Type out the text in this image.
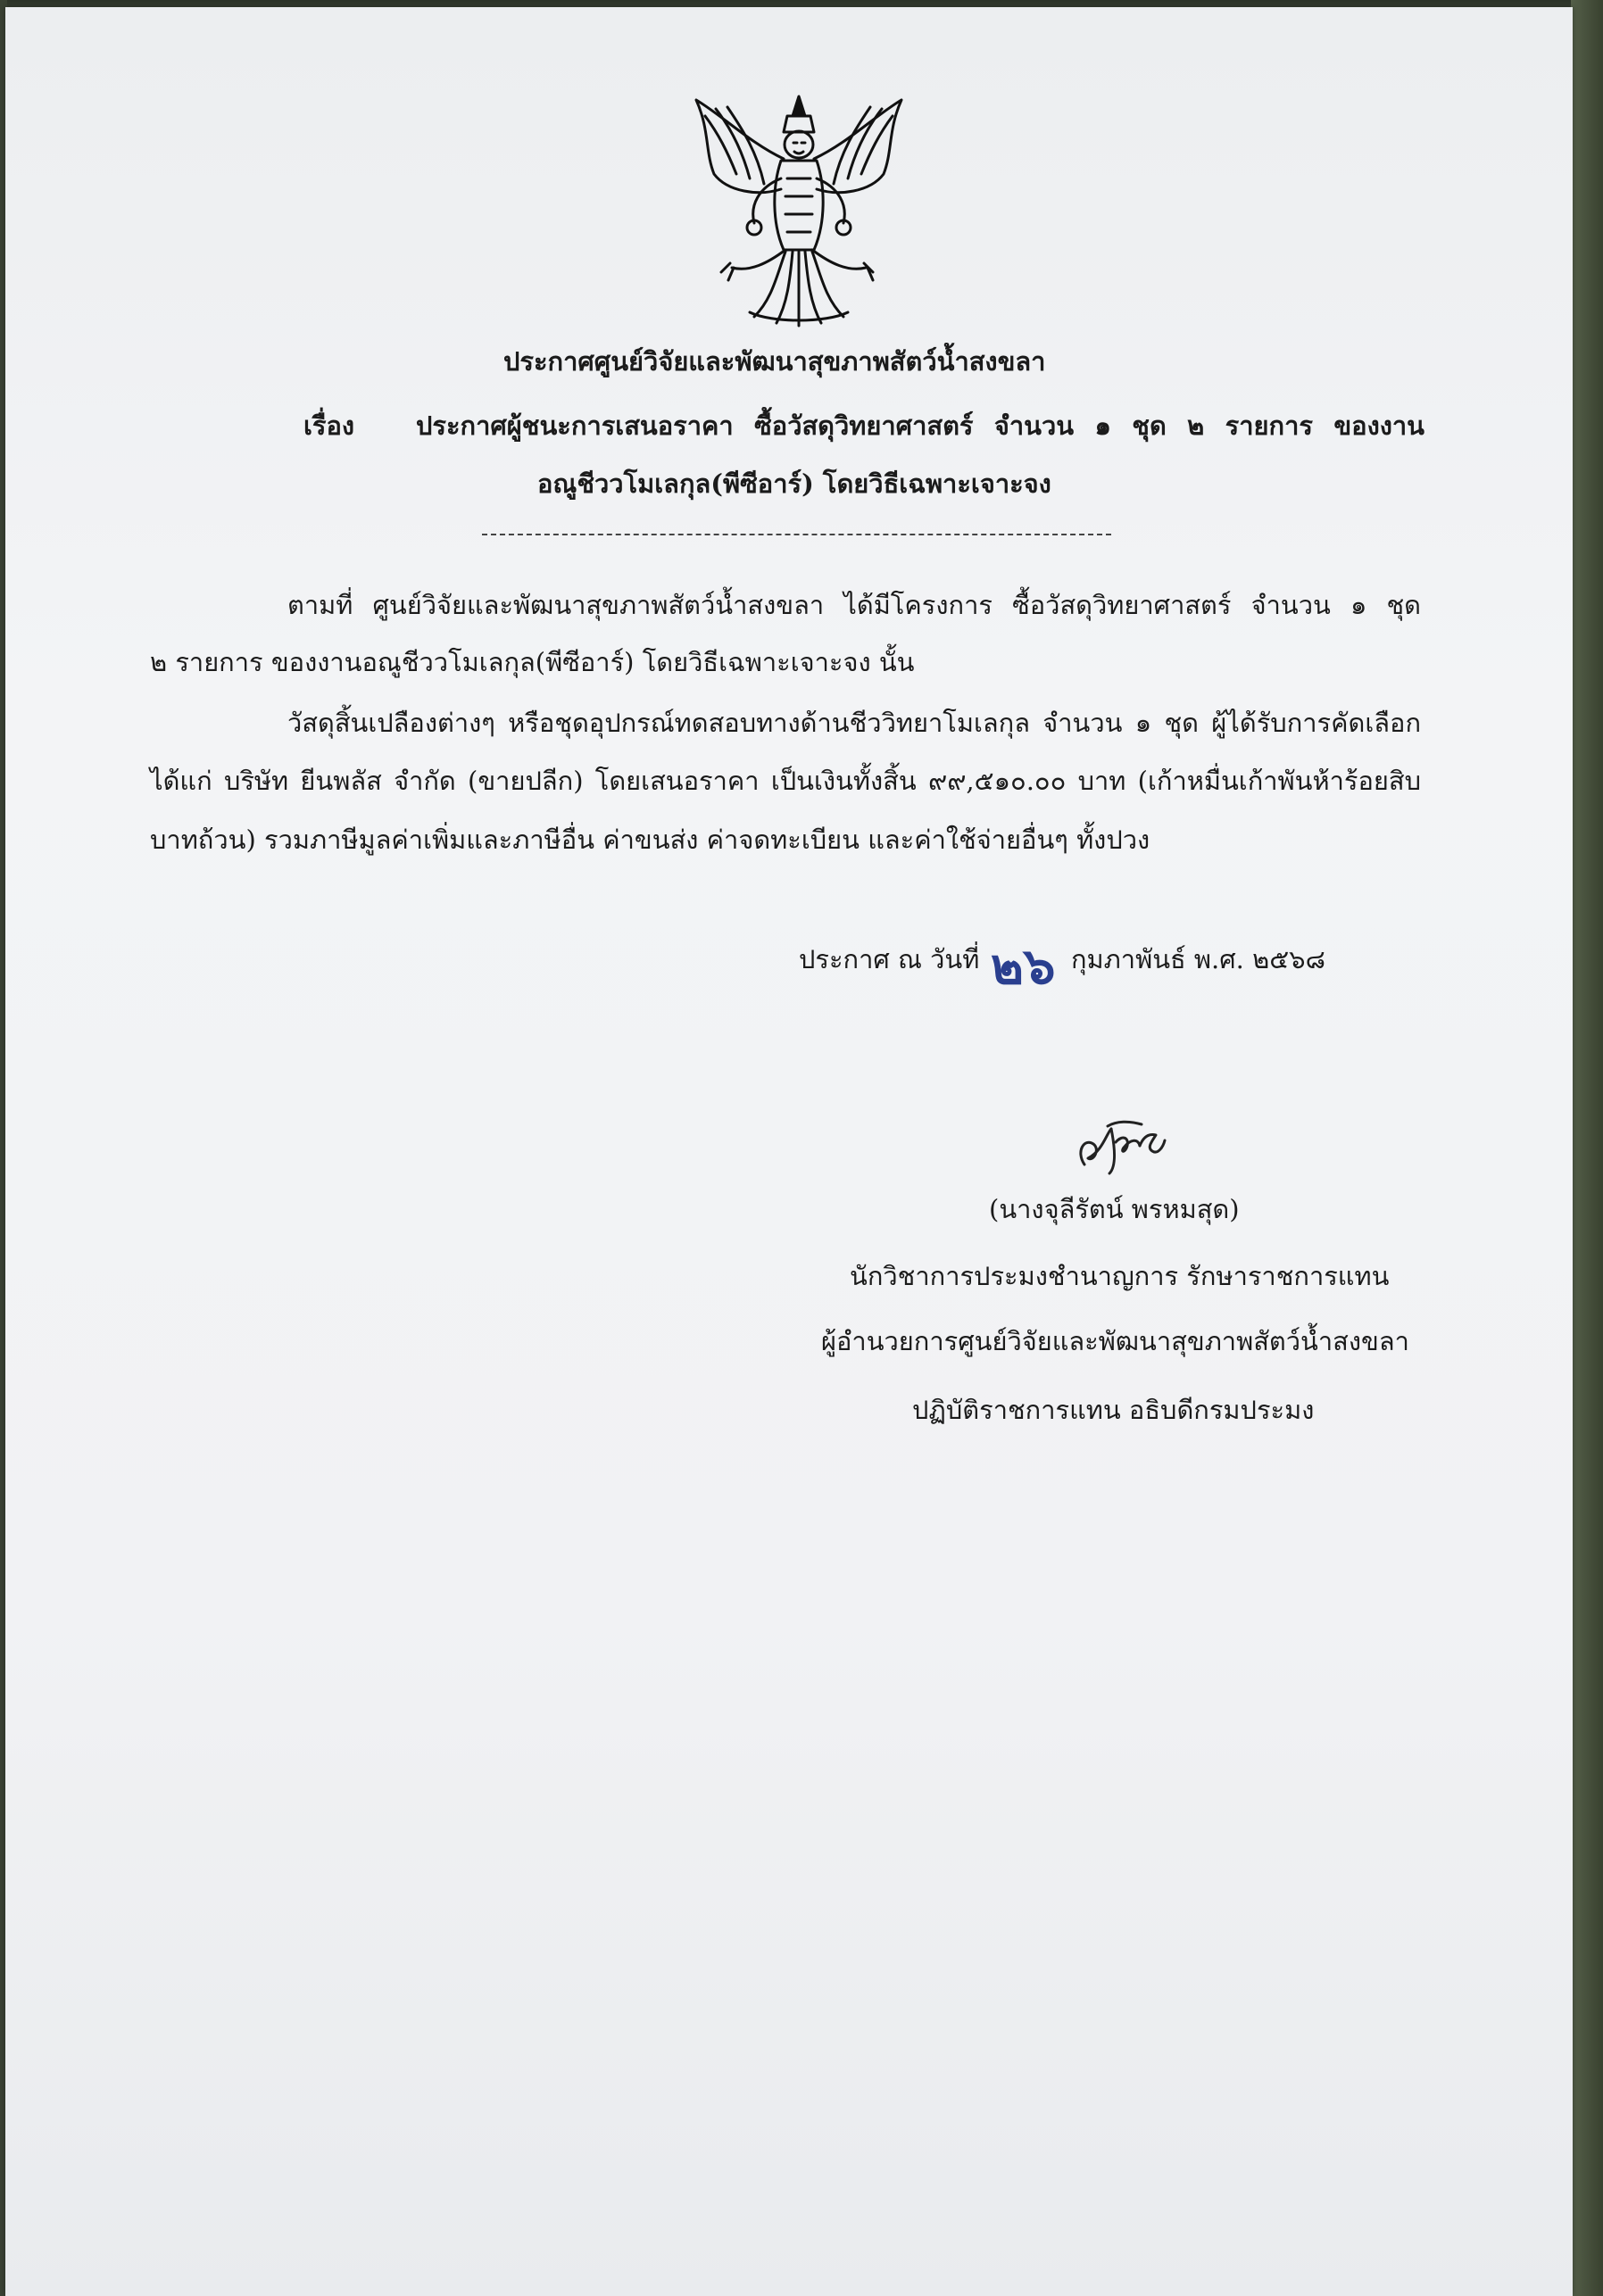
ประกาศศูนย์วิจัยและพัฒนาสุขภาพสัตว์น้ำสงขลา
เรื่อง ประกาศผู้ชนะการเสนอราคา ซื้อวัสดุวิทยาศาสตร์ จำนวน ๑ ชุด ๒ รายการ ของงาน
อณูชีววโมเลกุล(พีซีอาร์) โดยวิธีเฉพาะเจาะจง
ตามที่ ศูนย์วิจัยและพัฒนาสุขภาพสัตว์น้ำสงขลา ได้มีโครงการ ซื้อวัสดุวิทยาศาสตร์ จำนวน ๑ ชุด
๒ รายการ ของงานอณูชีววโมเลกุล(พีซีอาร์) โดยวิธีเฉพาะเจาะจง นั้น
วัสดุสิ้นเปลืองต่างๆ หรือชุดอุปกรณ์ทดสอบทางด้านชีววิทยาโมเลกุล จำนวน ๑ ชุด ผู้ได้รับการคัดเลือก
ได้แก่ บริษัท ยีนพลัส จำกัด (ขายปลีก) โดยเสนอราคา เป็นเงินทั้งสิ้น ๙๙,๕๑๐.๐๐ บาท (เก้าหมื่นเก้าพันห้าร้อยสิบ
บาทถ้วน) รวมภาษีมูลค่าเพิ่มและภาษีอื่น ค่าขนส่ง ค่าจดทะเบียน และค่าใช้จ่ายอื่นๆ ทั้งปวง
ประกาศ ณ วันที่ ๒๖ กุมภาพันธ์ พ.ศ. ๒๕๖๘
(นางจุลีรัตน์ พรหมสุด)
นักวิชาการประมงชำนาญการ รักษาราชการแทน
ผู้อำนวยการศูนย์วิจัยและพัฒนาสุขภาพสัตว์น้ำสงขลา
ปฏิบัติราชการแทน อธิบดีกรมประมง
